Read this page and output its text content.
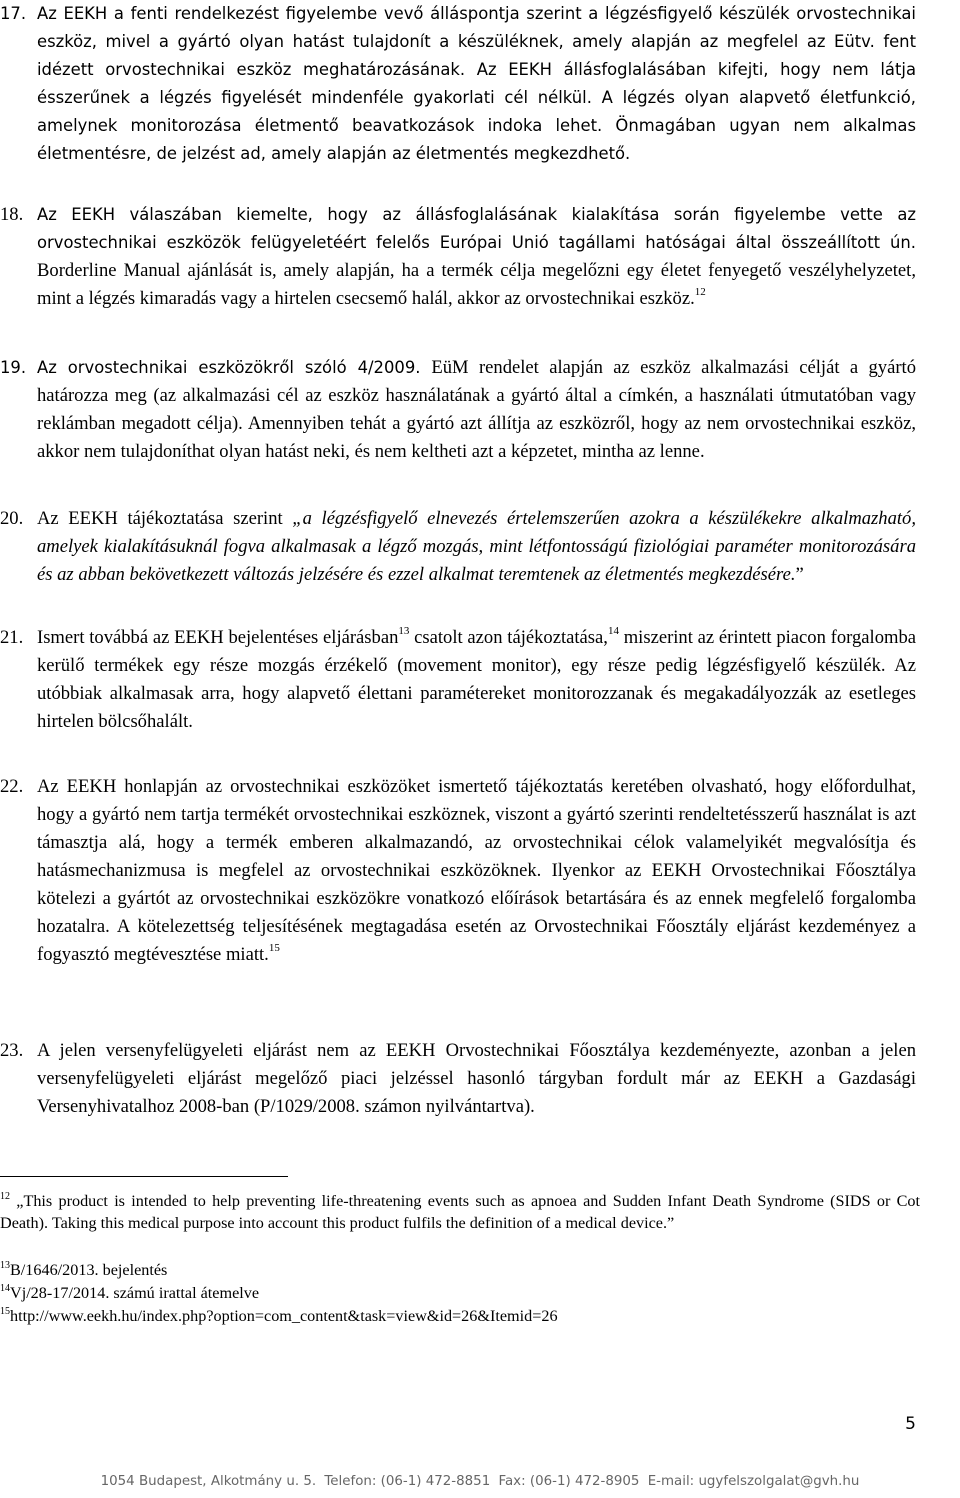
17. Az EEKH a fenti rendelkezést figyelembe vevő álláspontja szerint a légzésfigyelő készülék orvostechnikai eszköz, mivel a gyártó olyan hatást tulajdonít a készüléknek, amely alapján az megfelel az Eütv. fent idézett orvostechnikai eszköz meghatározásának. Az EEKH állásfoglalásában kifejti, hogy nem látja ésszerűnek a légzés figyelését mindenféle gyakorlati cél nélkül. A légzés olyan alapvető életfunkció, amelynek monitorozása életmentő beavatkozások indoka lehet. Önmagában ugyan nem alkalmas életmentésre, de jelzést ad, amely alapján az életmentés megkezdhető.
18. Az EEKH válaszában kiemelte, hogy az állásfoglalásának kialakítása során figyelembe vette az orvostechnikai eszközök felügyeletéért felelős Európai Unió tagállami hatóságai által összeállított ún. Borderline Manual ajánlását is, amely alapján, ha a termék célja megelőzni egy életet fenyegető veszélyhelyzetet, mint a légzés kimaradás vagy a hirtelen csecsemő halál, akkor az orvostechnikai eszköz.$^{12}$
19. Az orvostechnikai eszközökről szóló 4/2009. EüM rendelet alapján az eszköz alkalmazási célját a gyártó határozza meg (az alkalmazási cél az eszköz használatának a gyártó által a címkén, a használati útmutatóban vagy reklámban megadott célja). Amennyiben tehát a gyártó azt állítja az eszközről, hogy az nem orvostechnikai eszköz, akkor nem tulajdoníthat olyan hatást neki, és nem keltheti azt a képzetet, mintha az lenne.
20. Az EEKH tájékoztatása szerint „a légzésfigyelő elnevezés értelemszerűen azokra a készülékekre alkalmazható, amelyek kialakításuknál fogva alkalmasak a légző mozgás, mint létfontosságú fiziológiai paraméter monitorozására és az abban bekövetkezett változás jelzésére és ezzel alkalmat teremtenek az életmentés megkezdésére.”
21. Ismert továbbá az EEKH bejelentéses eljárásban$^{13}$ csatolt azon tájékoztatása,$^{14}$ miszerint az érintett piacon forgalomba kerülő termékek egy része mozgás érzékelő (movement monitor), egy része pedig légzésfigyelő készülék. Az utóbbiak alkalmasak arra, hogy alapvető élettani paramétereket monitorozzanak és megakadályozzák az esetleges hirtelen bölcsőhalált.
22. Az EEKH honlapján az orvostechnikai eszközöket ismertető tájékoztatás keretében olvasható, hogy előfordulhat, hogy a gyártó nem tartja termékét orvostechnikai eszköznek, viszont a gyártó szerinti rendeltetésszerű használat is azt támasztja alá, hogy a termék emberen alkalmazandó, az orvostechnikai célok valamelyikét megvalósítja és hatásmechanizmusa is megfelel az orvostechnikai eszközöknek. Ilyenkor az EEKH Orvostechnikai Főosztálya kötelezi a gyártót az orvostechnikai eszközökre vonatkozó előírások betartására és az ennek megfelelő forgalomba hozatalra. A kötelezettség teljesítésének megtagadása esetén az Orvostechnikai Főosztály eljárást kezdeményez a fogyasztó megtévesztése miatt.$^{15}$
23. A jelen versenyfelügyeleti eljárást nem az EEKH Orvostechnikai Főosztálya kezdeményezte, azonban a jelen versenyfelügyeleti eljárást megelőző piaci jelzéssel hasonló tárgyban fordult már az EEKH a Gazdasági Versenyhivatalhoz 2008-ban (P/1029/2008. számon nyilvántartva).
$^{12}$ „This product is intended to help preventing life-threatening events such as apnoea and Sudden Infant Death Syndrome (SIDS or Cot Death). Taking this medical purpose into account this product fulfils the definition of a medical device.”
$^{13}$B/1646/2013. bejelentés
$^{14}$Vj/28-17/2014. számú irattal átemelve
$^{15}$http://www.eekh.hu/index.php?option=com_content&task=view&id=26&Itemid=26
5
1054 Budapest, Alkotmány u. 5. Telefon: (06-1) 472-8851 Fax: (06-1) 472-8905 E-mail: ugyfelszolgalat@gvh.hu
